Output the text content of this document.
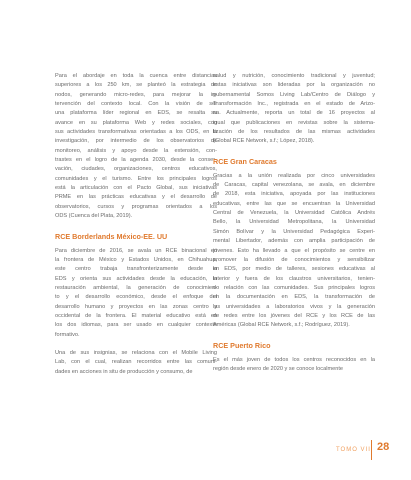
Para el abordaje en toda la cuenca entre distancias
superiores a los 250 km, se planteó la estrategia de
nodos, generando micro-redes, para mejorar la in-
tervención del contexto local. Con la visión de ser
una plataforma líder regional en EDS, se resalta su
avance en su plataforma Web y redes sociales, con
sus actividades transformativas orientadas a los ODS, en la
investigación, por intermedio de los observatorios de
monitoreo, análisis y apoyo desde la extensión, con-
trastes en el logro de la agenda 2030, desde la conser-
vación, ciudades, organizaciones, centros educativos,
comunidades y el turismo. Entre los principales logros
está la articulación con el Pacto Global, sus iniciativas
PRME en las prácticas educativas y el desarrollo de
observatorios, cursos y programas orientados a los
ODS (Cuenca del Plata, 2019).
RCE Borderlands México-EE. UU
Para diciembre de 2016, se avala un RCE binacional en
la frontera de México y Estados Unidos, en Chihuahua,
este centro trabaja transfronterizamente desde la
EDS y orienta sus actividades desde la educación, la
restauración ambiental, la generación de conocimien-
to y el desarrollo económico, desde el enfoque del
desarrollo humano y proyectos en las zonas centro y
occidental de la frontera. El material educativo está en
los dos idiomas, para ser usado en cualquier contexto
formativo.
Una de sus insignias, se relaciona con el Mobile Living
Lab, con el cual, realizan recorridos entre las comuni-
dades en acciones in situ de producción y consumo, de
salud y nutrición, conocimiento tradicional y juventud;
estas iniciativas son lideradas por la organización no
gubernamental Somos Living Lab/Centro de Diálogo y
Transformación Inc., registrada en el estado de Arizo-
na. Actualmente, reporta un total de 16 proyectos al
igual que publicaciones en revistas sobre la sistema-
tización de los resultados de las mismas actividades
(Global RCE Network, s.f.; López, 2018).
RCE Gran Caracas
Gracias a la unión realizada por cinco universidades
de Caracas, capital venezolana, se avala, en diciembre
de 2018, esta iniciativa, apoyada por las instituciones
educativas, entre las que se encuentran la Universidad
Central de Venezuela, la Universidad Católica Andrés
Bello, la Universidad Metropolitana, la Universidad
Simón Bolívar y la Universidad Pedagógica Experi-
mental Libertador, además con amplia participación de
jóvenes. Esto ha llevado a que el propósito se centre en
promover la difusión de conocimientos y sensibilizar
en EDS, por medio de talleres, sesiones educativas al
interior y fuera de los claustros universitarios, tenien-
do relación con las comunidades. Sus principales logros
en la documentación en EDS, la transformación de
las universidades a laboratorios vivos y la generación
de redes entre los jóvenes del RCE y los RCE de las
Américas (Global RCE Network, s.f.; Rodríguez, 2019).
RCE Puerto Rico
Es el más joven de todos los centros reconocidos en la
región desde enero de 2020 y se conoce localmente
TOMO VII 28
